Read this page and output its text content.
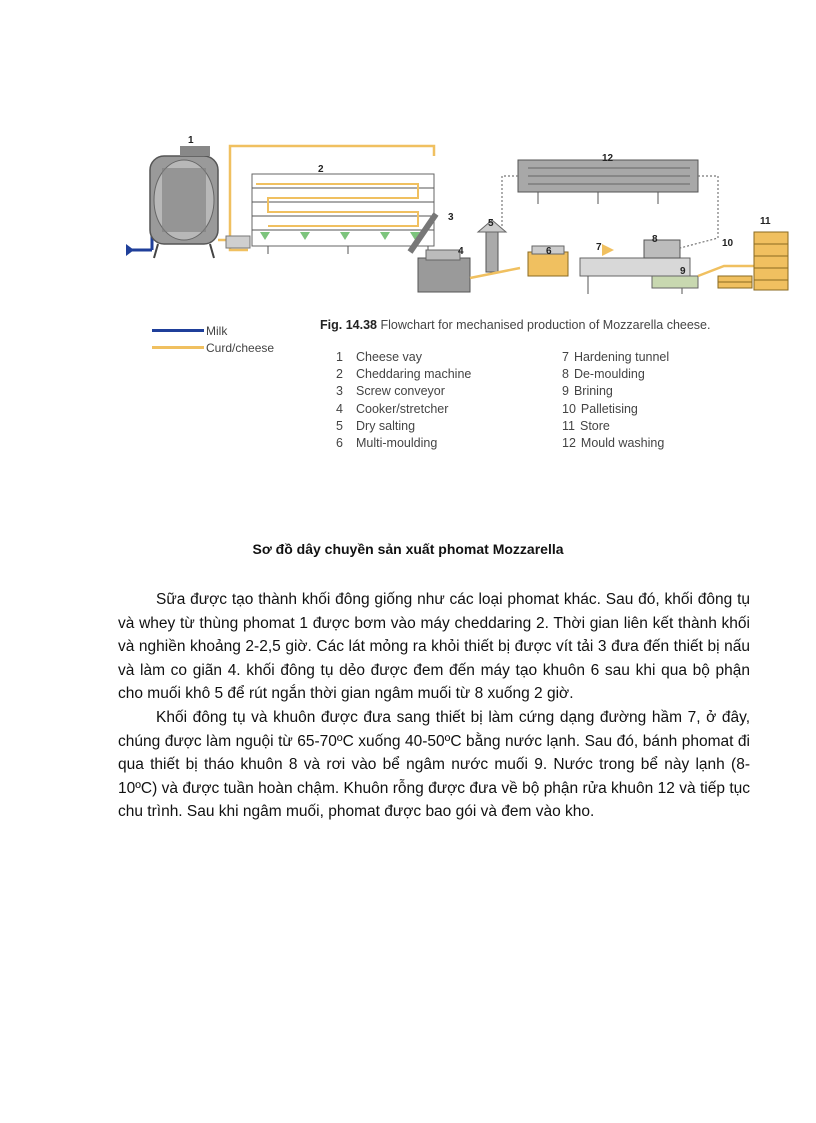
1
2
3
4
5
6	7
8
9
10
11
12
Milk
Curd/cheese
Fig. 14.38 Flowchart for mechanised production of Mozzarella cheese.
1 Cheese vay
2 Cheddaring machine
3 Screw conveyor
4 Cooker/stretcher
5 Dry salting
6 Multi-moulding
7 Hardening tunnel
8 De-moulding
9 Brining
10 Palletising
11 Store
12 Mould washing
Sơ đồ dây chuyền sản xuất phomat Mozzarella

Sữa được tạo thành khối đông giống như các loại phomat khác. Sau đó, khối đông tụ và whey từ thùng phomat 1 được bơm vào máy cheddaring 2. Thời gian liên kết thành khối và nghiền khoảng 2-2,5 giờ. Các lát mỏng ra khỏi thiết bị được vít tải 3 đưa đến thiết bị nấu và làm co giãn 4. khối đông tụ dẻo được đem đến máy tạo khuôn 6 sau khi qua bộ phận cho muối khô 5 để rút ngắn thời gian ngâm muối từ 8 xuống 2 giờ.

Khối đông tụ và khuôn được đưa sang thiết bị làm cứng dạng đường hầm 7, ở đây, chúng được làm nguội từ 65-70ºC xuống 40-50ºC bằng nước lạnh. Sau đó, bánh phomat đi qua thiết bị tháo khuôn 8 và rơi vào bể ngâm nước muối 9. Nước trong bể này lạnh (8-10ºC) và được tuần hoàn chậm. Khuôn rỗng được đưa về bộ phận rửa khuôn 12 và tiếp tục chu trình. Sau khi ngâm muối, phomat được bao gói và đem vào kho.
